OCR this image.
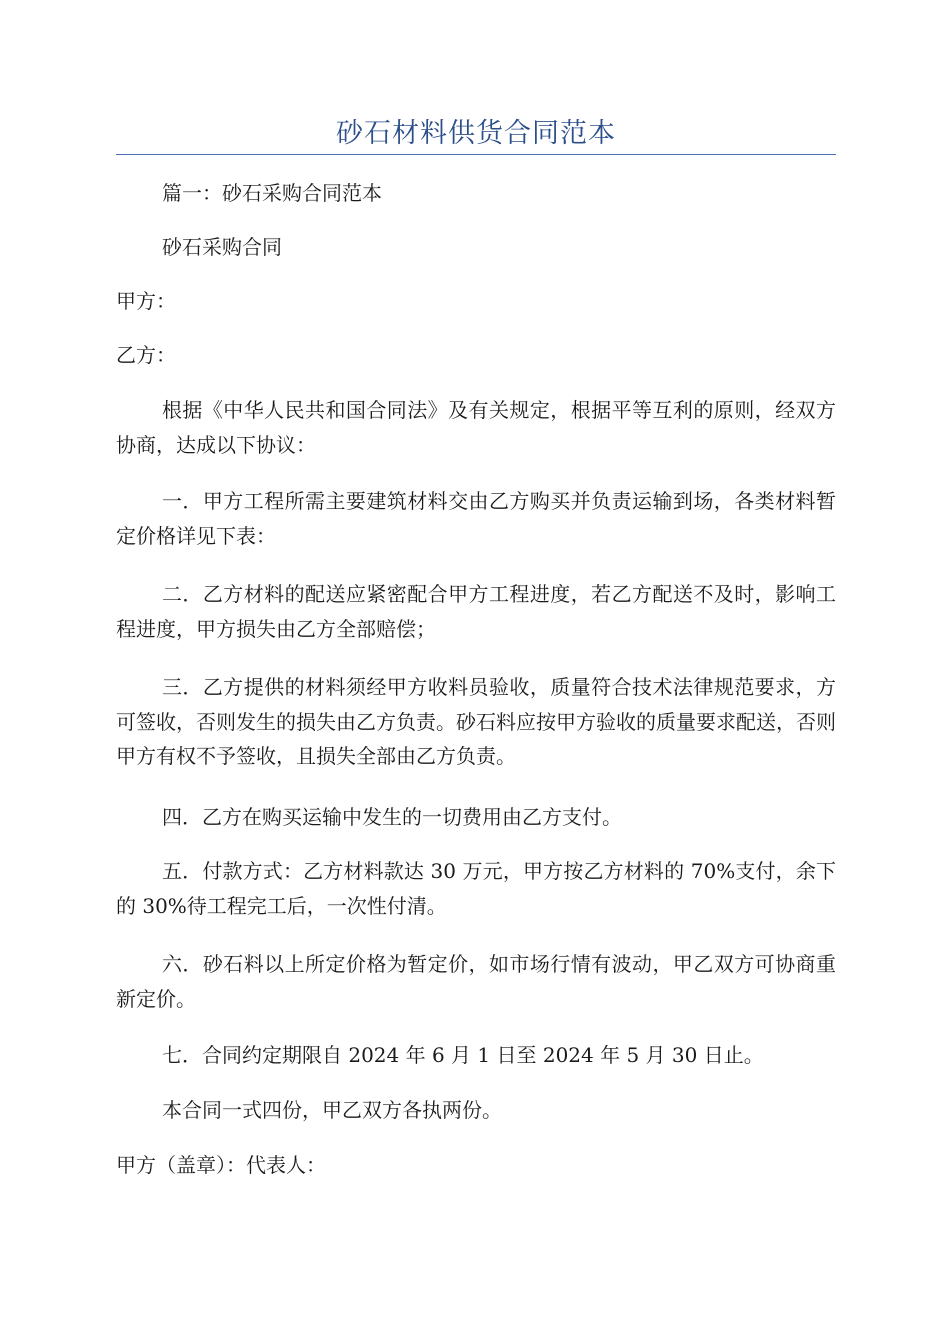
砂石材料供货合同范本

篇一：砂石采购合同范本

砂石采购合同

甲方：

乙方：

根据《中华人民共和国合同法》及有关规定，根据平等互利的原则，经双方协商，达成以下协议：

一．甲方工程所需主要建筑材料交由乙方购买并负责运输到场，各类材料暂定价格详见下表：

二．乙方材料的配送应紧密配合甲方工程进度，若乙方配送不及时，影响工程进度，甲方损失由乙方全部赔偿；

三．乙方提供的材料须经甲方收料员验收，质量符合技术法律规范要求，方可签收，否则发生的损失由乙方负责。砂石料应按甲方验收的质量要求配送，否则甲方有权不予签收，且损失全部由乙方负责。

四．乙方在购买运输中发生的一切费用由乙方支付。

五．付款方式：乙方材料款达 30 万元，甲方按乙方材料的 70%支付，余下的 30%待工程完工后，一次性付清。

六．砂石料以上所定价格为暂定价，如市场行情有波动，甲乙双方可协商重新定价。

七．合同约定期限自 2024 年 6 月 1 日至 2024 年 5 月 30 日止。

本合同一式四份，甲乙双方各执两份。

甲方（盖章）：代表人：
